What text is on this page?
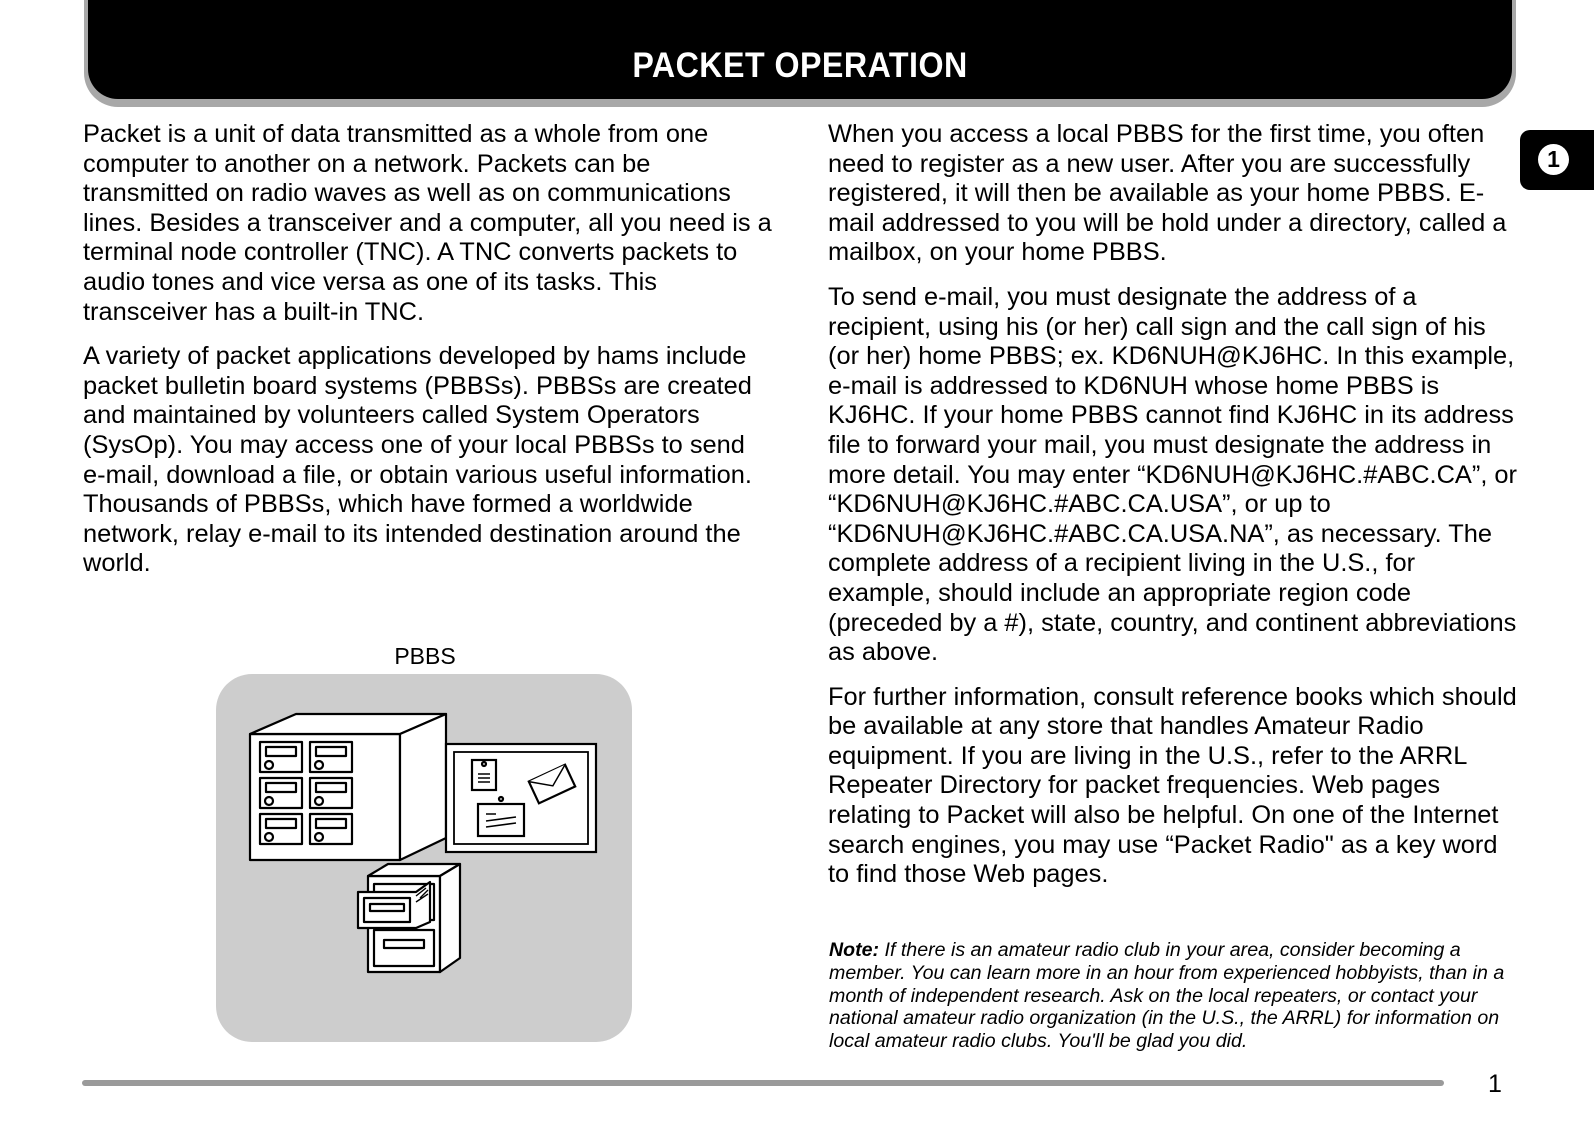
PACKET OPERATION
1

Packet is a unit of data transmitted as a whole from one computer to another on a network. Packets can be transmitted on radio waves as well as on communications lines. Besides a transceiver and a computer, all you need is a terminal node controller (TNC). A TNC converts packets to audio tones and vice versa as one of its tasks. This transceiver has a built-in TNC.

A variety of packet applications developed by hams include packet bulletin board systems (PBBSs). PBBSs are created and maintained by volunteers called System Operators (SysOp). You may access one of your local PBBSs to send e-mail, download a file, or obtain various useful information. Thousands of PBBSs, which have formed a worldwide network, relay e-mail to its intended destination around the world.

PBBS

When you access a local PBBS for the first time, you often need to register as a new user. After you are successfully registered, it will then be available as your home PBBS. E-mail addressed to you will be hold under a directory, called a mailbox, on your home PBBS.

To send e-mail, you must designate the address of a recipient, using his (or her) call sign and the call sign of his (or her) home PBBS; ex. KD6NUH@KJ6HC. In this example, e-mail is addressed to KD6NUH whose home PBBS is KJ6HC. If your home PBBS cannot find KJ6HC in its address file to forward your mail, you must designate the address in more detail. You may enter “KD6NUH@KJ6HC.#ABC.CA”, or “KD6NUH@KJ6HC.#ABC.CA.USA”, or up to “KD6NUH@KJ6HC.#ABC.CA.USA.NA”, as necessary. The complete address of a recipient living in the U.S., for example, should include an appropriate region code (preceded by a #), state, country, and continent abbreviations as above.

For further information, consult reference books which should be available at any store that handles Amateur Radio equipment. If you are living in the U.S., refer to the ARRL Repeater Directory for packet frequencies. Web pages relating to Packet will also be helpful. On one of the Internet search engines, you may use “Packet Radio" as a key word to find those Web pages.

Note: If there is an amateur radio club in your area, consider becoming a member. You can learn more in an hour from experienced hobbyists, than in a month of independent research. Ask on the local repeaters, or contact your national amateur radio organization (in the U.S., the ARRL) for information on local amateur radio clubs. You'll be glad you did.
1
